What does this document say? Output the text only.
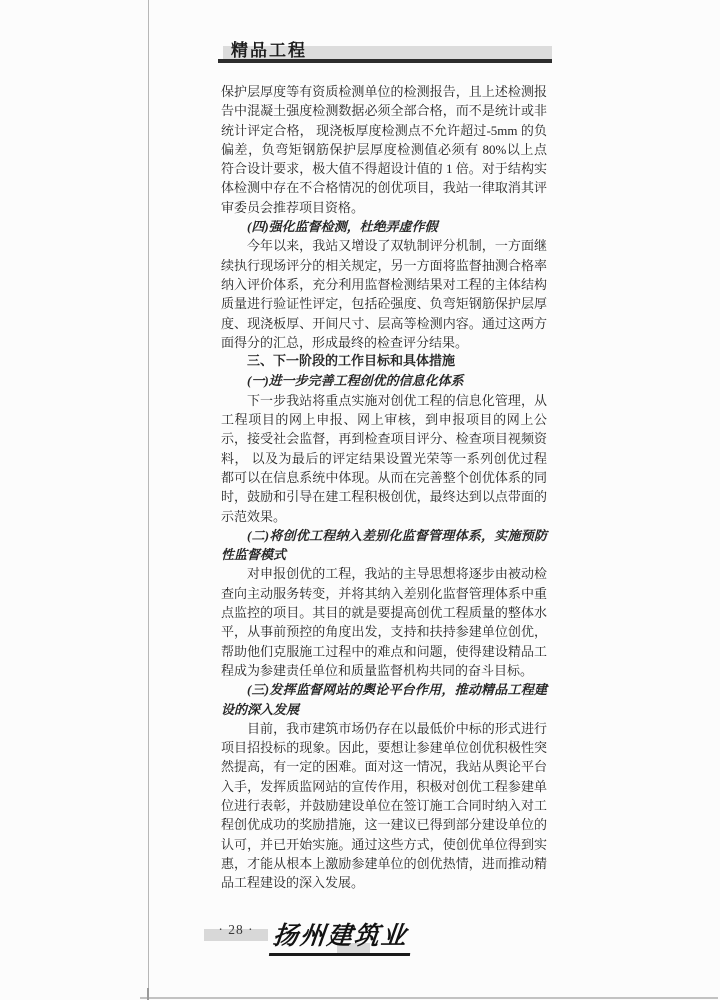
精品工程
保护层厚度等有资质检测单位的检测报告，且上述检测报告中混凝土强度检测数据必须全部合格，而不是统计或非统计评定合格， 现浇板厚度检测点不允许超过-5mm 的负偏差，负弯矩钢筋保护层厚度检测值必须有 80%以上点符合设计要求，极大值不得超设计值的 1 倍。对于结构实体检测中存在不合格情况的创优项目，我站一律取消其评审委员会推荐项目资格。
(四)强化监督检测，杜绝弄虚作假
今年以来，我站又增设了双轨制评分机制，一方面继续执行现场评分的相关规定，另一方面将监督抽测合格率纳入评价体系，充分利用监督检测结果对工程的主体结构质量进行验证性评定，包括砼强度、负弯矩钢筋保护层厚度、现浇板厚、开间尺寸、层高等检测内容。通过这两方面得分的汇总，形成最终的检查评分结果。
三、下一阶段的工作目标和具体措施
(一)进一步完善工程创优的信息化体系
下一步我站将重点实施对创优工程的信息化管理，从工程项目的网上申报、网上审核，到申报项目的网上公示，接受社会监督，再到检查项目评分、检查项目视频资料， 以及为最后的评定结果设置光荣等一系列创优过程都可以在信息系统中体现。从而在完善整个创优体系的同时，鼓励和引导在建工程积极创优，最终达到以点带面的示范效果。
(二)将创优工程纳入差别化监督管理体系，实施预防性监督模式
对申报创优的工程，我站的主导思想将逐步由被动检查向主动服务转变，并将其纳入差别化监督管理体系中重点监控的项目。其目的就是要提高创优工程质量的整体水平，从事前预控的角度出发，支持和扶持参建单位创优，帮助他们克服施工过程中的难点和问题，使得建设精品工程成为参建责任单位和质量监督机构共同的奋斗目标。
(三)发挥监督网站的舆论平台作用，推动精品工程建设的深入发展
目前，我市建筑市场仍存在以最低价中标的形式进行项目招投标的现象。因此，要想让参建单位创优积极性突然提高，有一定的困难。面对这一情况，我站从舆论平台入手，发挥质监网站的宣传作用，积极对创优工程参建单位进行表彰，并鼓励建设单位在签订施工合同时纳入对工程创优成功的奖励措施，这一建议已得到部分建设单位的认可，并已开始实施。通过这些方式，使创优单位得到实惠，才能从根本上激励参建单位的创优热情，进而推动精品工程建设的深入发展。
· 28 · 扬州建筑业
